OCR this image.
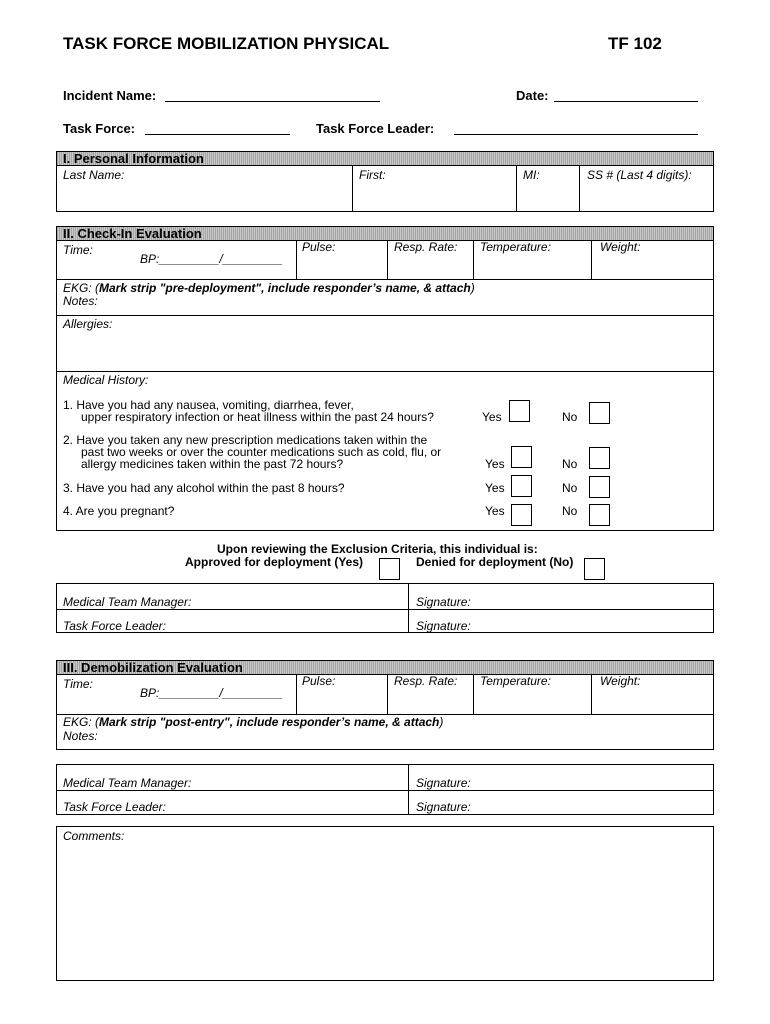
TASK FORCE MOBILIZATION PHYSICAL	TF 102
Incident Name:	Date:
Task Force:	Task Force Leader:
I. Personal Information
Last Name:	First:	MI:	SS # (Last 4 digits):
II. Check-In Evaluation
Time:
BP:_________/_________
Pulse:	Resp. Rate: Temperature:	Weight:
EKG: (Mark strip "pre-deployment", include responder’s name, & attach)
Notes:
Allergies:
Medical History:
1. Have you had any nausea, vomiting, diarrhea, fever,
upper respiratory infection or heat illness within the past 24 hours?	Yes	No
2. Have you taken any new prescription medications taken within the
past two weeks or over the counter medications such as cold, flu, or
allergy medicines taken within the past 72 hours?	Yes	No
3. Have you had any alcohol within the past 8 hours?	Yes	No
4. Are you pregnant?	Yes	No
Upon reviewing the Exclusion Criteria, this individual is:
Approved for deployment (Yes)	Denied for deployment (No)
Medical Team Manager:	Signature:
Task Force Leader:	Signature:
III. Demobilization Evaluation
Time:
BP:_________/_________
Pulse:	Resp. Rate: Temperature:	Weight:
EKG: (Mark strip "post-entry", include responder’s name, & attach)
Notes:
Medical Team Manager:	Signature:
Task Force Leader:	Signature:
Comments:
